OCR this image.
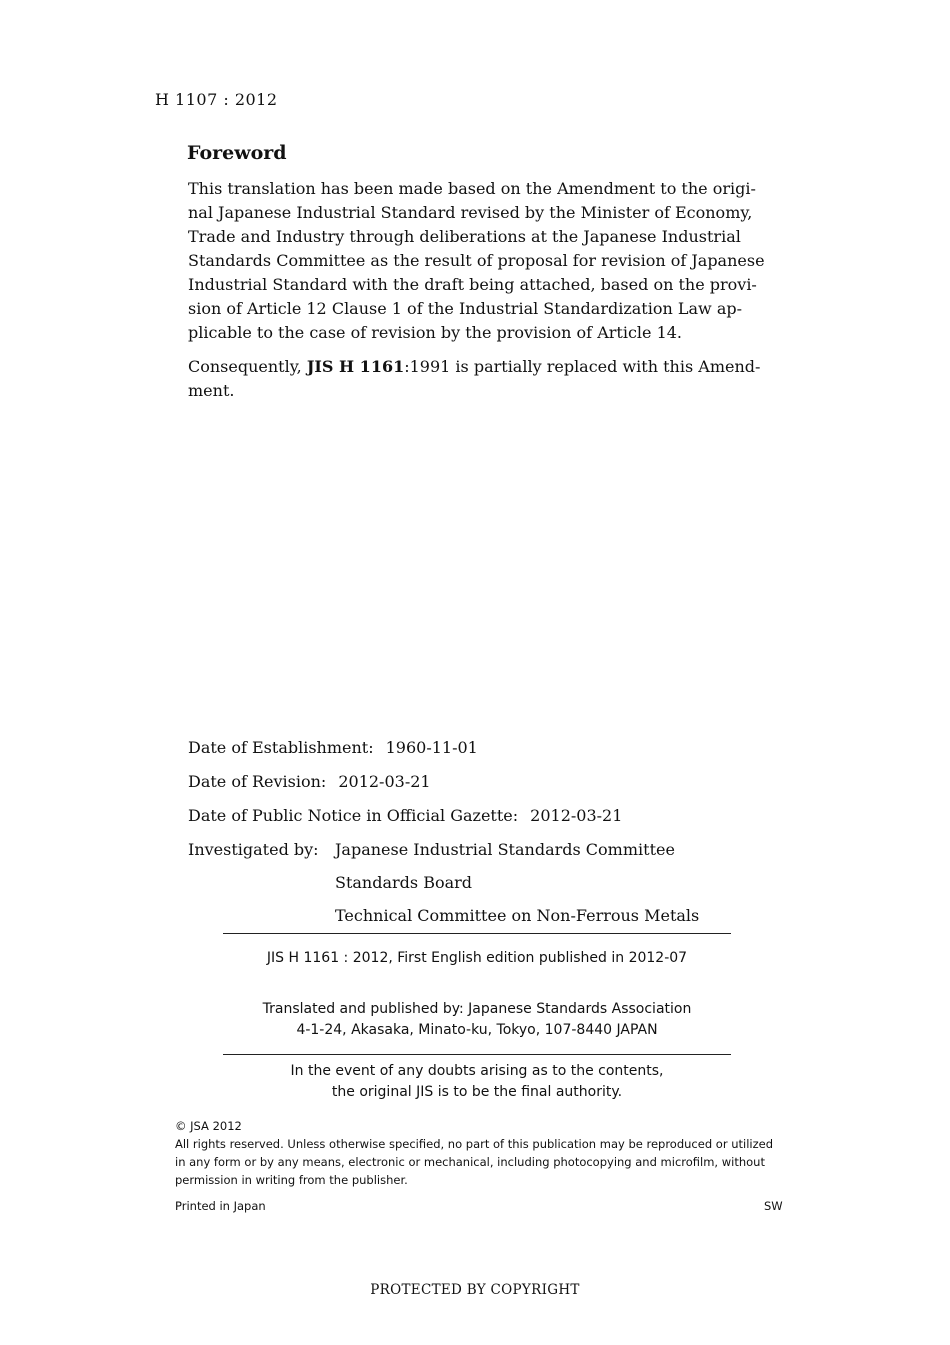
H 1107 : 2012
Foreword
This translation has been made based on the Amendment to the origi-
nal Japanese Industrial Standard revised by the Minister of Economy,
Trade and Industry through deliberations at the Japanese Industrial
Standards Committee as the result of proposal for revision of Japanese
Industrial Standard with the draft being attached, based on the provi-
sion of Article 12 Clause 1 of the Industrial Standardization Law ap-
plicable to the case of revision by the provision of Article 14.
Consequently, JIS H 1161:1991 is partially replaced with this Amend-
ment.
Date of Establishment: 1960-11-01
Date of Revision: 2012-03-21
Date of Public Notice in Official Gazette: 2012-03-21
Investigated by: Japanese Industrial Standards Committee
Standards Board
Technical Committee on Non-Ferrous Metals
JIS H 1161 : 2012, First English edition published in 2012-07
Translated and published by: Japanese Standards Association
4-1-24, Akasaka, Minato-ku, Tokyo, 107-8440 JAPAN
In the event of any doubts arising as to the contents,
the original JIS is to be the final authority.
© JSA 2012
All rights reserved. Unless otherwise specified, no part of this publication may be reproduced or utilized
in any form or by any means, electronic or mechanical, including photocopying and microfilm, without
permission in writing from the publisher.
Printed in Japan	SW
PROTECTED BY COPYRIGHT
